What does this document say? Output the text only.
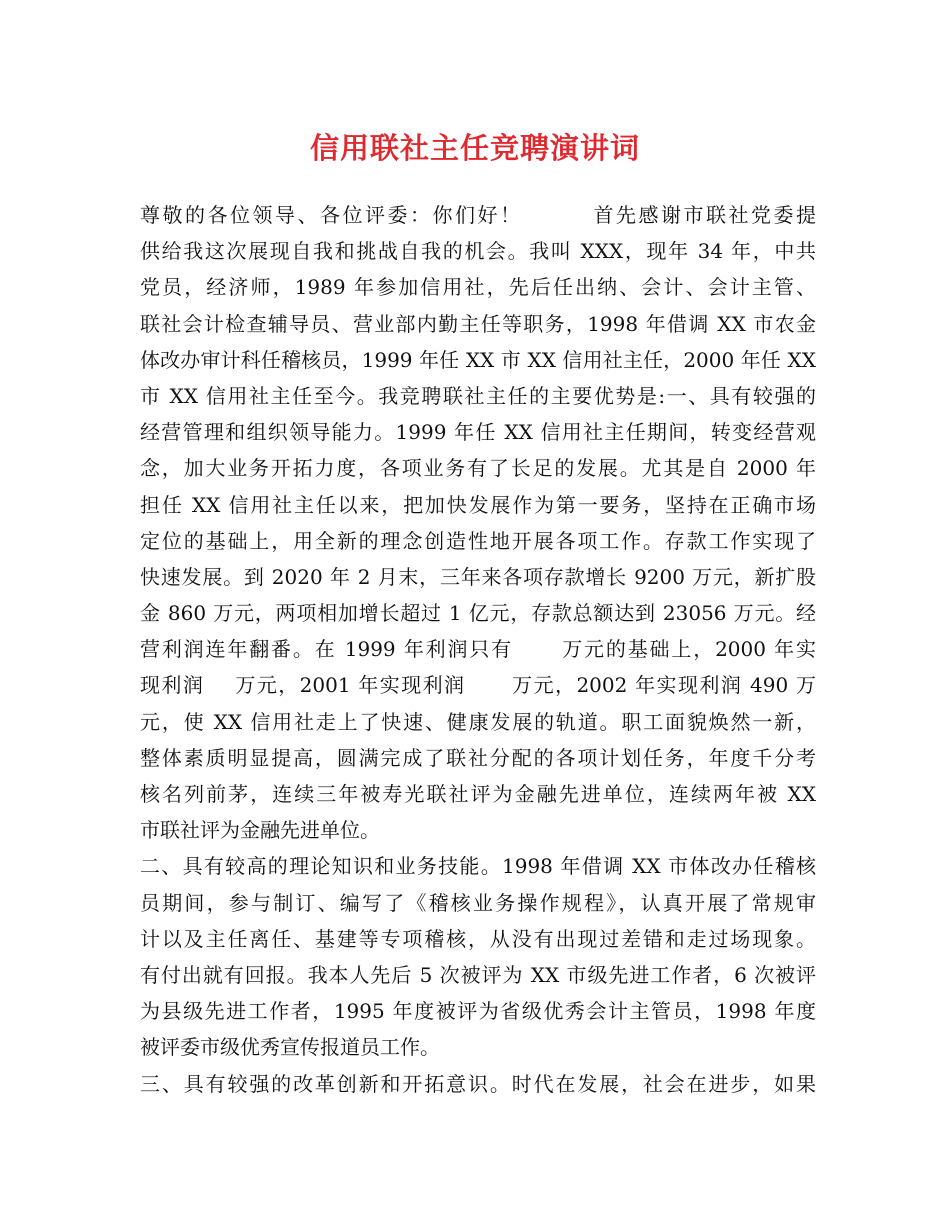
信用联社主任竞聘演讲词
尊敬的各位领导、各位评委：你们好！        首先感谢市联社党委提
供给我这次展现自我和挑战自我的机会。我叫 XXX，现年 34 年，中共
党员，经济师，1989 年参加信用社，先后任出纳、会计、会计主管、
联社会计检查辅导员、营业部内勤主任等职务，1998 年借调 XX 市农金
体改办审计科任稽核员，1999 年任 XX 市 XX 信用社主任，2000 年任 XX
市 XX 信用社主任至今。我竞聘联社主任的主要优势是:一、具有较强的
经营管理和组织领导能力。1999 年任 XX 信用社主任期间，转变经营观
念，加大业务开拓力度，各项业务有了长足的发展。尤其是自 2000 年
担任 XX 信用社主任以来，把加快发展作为第一要务，坚持在正确市场
定位的基础上，用全新的理念创造性地开展各项工作。存款工作实现了
快速发展。到 2020 年 2 月末，三年来各项存款增长 9200 万元，新扩股
金 860 万元，两项相加增长超过 1 亿元，存款总额达到 23056 万元。经
营利润连年翻番。在 1999 年利润只有      万元的基础上，2000 年实
现利润    万元，2001 年实现利润      万元，2002 年实现利润 490 万
元，使 XX 信用社走上了快速、健康发展的轨道。职工面貌焕然一新，
整体素质明显提高，圆满完成了联社分配的各项计划任务，年度千分考
核名列前茅，连续三年被寿光联社评为金融先进单位，连续两年被 XX
市联社评为金融先进单位。
二、具有较高的理论知识和业务技能。1998 年借调 XX 市体改办任稽核
员期间，参与制订、编写了《稽核业务操作规程》，认真开展了常规审
计以及主任离任、基建等专项稽核，从没有出现过差错和走过场现象。
有付出就有回报。我本人先后 5 次被评为 XX 市级先进工作者，6 次被评
为县级先进工作者，1995 年度被评为省级优秀会计主管员，1998 年度
被评委市级优秀宣传报道员工作。
三、具有较强的改革创新和开拓意识。时代在发展，社会在进步，如果
